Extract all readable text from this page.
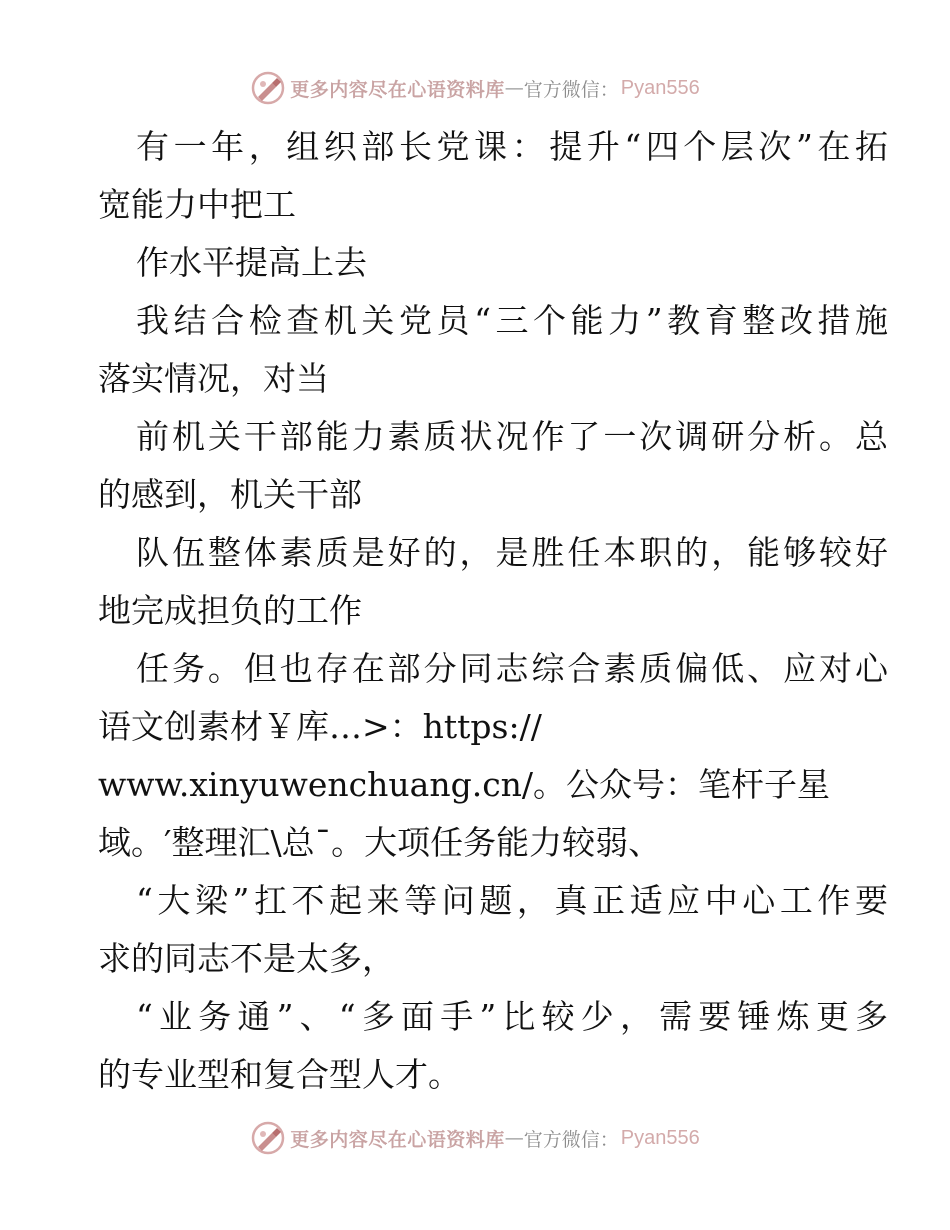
更多内容尽在心语资料库 — 官方微信： Pyan556
有一年，组织部长党课：提升“四个层次”在拓
宽能力中把工
作水平提高上去
我结合检查机关党员“三个能力”教育整改措施
落实情况，对当
前机关干部能力素质状况作了一次调研分析。总
的感到，机关干部
队伍整体素质是好的，是胜任本职的，能够较好
地完成担负的工作
任务。但也存在部分同志综合素质偏低、应对心
语文创素材￥库…>：https://
www.xinyuwenchuang.cn/。公众号：笔杆子星
域。′整理汇\总¯。大项任务能力较弱、
“大梁”扛不起来等问题，真正适应中心工作要
求的同志不是太多，
“业务通”、“多面手”比较少，需要锤炼更多
的专业型和复合型人才。
更多内容尽在心语资料库 — 官方微信： Pyan556
